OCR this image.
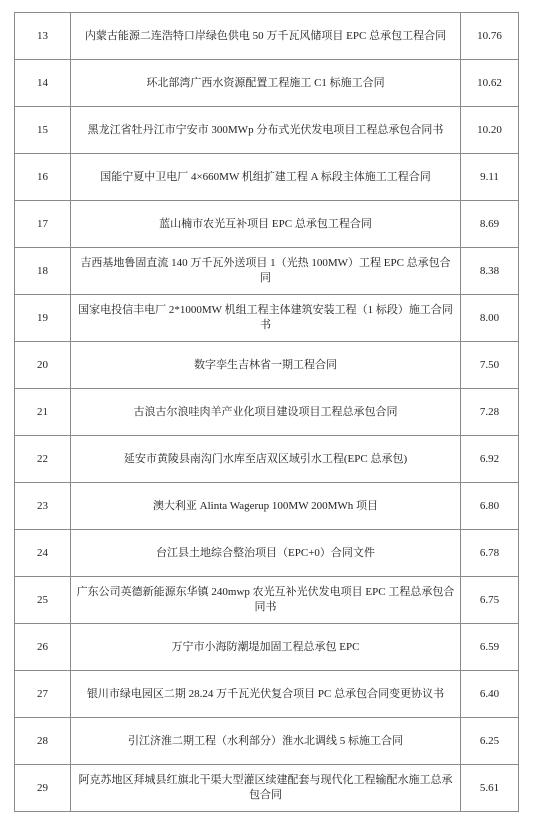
13	内蒙古能源二连浩特口岸绿色供电 50 万千瓦风储项目 EPC 总承包工程合同	10.76
14	环北部湾广西水资源配置工程施工 C1 标施工合同	10.62
15	黑龙江省牡丹江市宁安市 300MWp 分布式光伏发电项目工程总承包合同书	10.20
16	国能宁夏中卫电厂 4×660MW 机组扩建工程 A 标段主体施工工程合同	9.11
17	蓝山楠市农光互补项目 EPC 总承包工程合同	8.69
18	吉西基地鲁固直流 140 万千瓦外送项目 1（光热 100MW）工程 EPC 总承包合同	8.38
19	国家电投信丰电厂 2*1000MW 机组工程主体建筑安装工程（1 标段）施工合同书	8.00
20	数字孪生吉林省一期工程合同	7.50
21	古浪古尔浪哇肉羊产业化项目建设项目工程总承包合同	7.28
22	延安市黄陵县南沟门水库至店双区域引水工程(EPC 总承包)	6.92
23	澳大利亚 Alinta Wagerup 100MW 200MWh 项目	6.80
24	台江县土地综合整治项目（EPC+0）合同文件	6.78
25	广东公司英德新能源东华镇 240mwp 农光互补光伏发电项目 EPC 工程总承包合同书	6.75
26	万宁市小海防潮堤加固工程总承包 EPC	6.59
27	银川市绿电园区二期 28.24 万千瓦光伏复合项目 PC 总承包合同变更协议书	6.40
28	引江济淮二期工程（水利部分）淮水北调线 5 标施工合同	6.25
29	阿克苏地区拜城县红旗北干渠大型灌区续建配套与现代化工程输配水施工总承包合同	5.61
